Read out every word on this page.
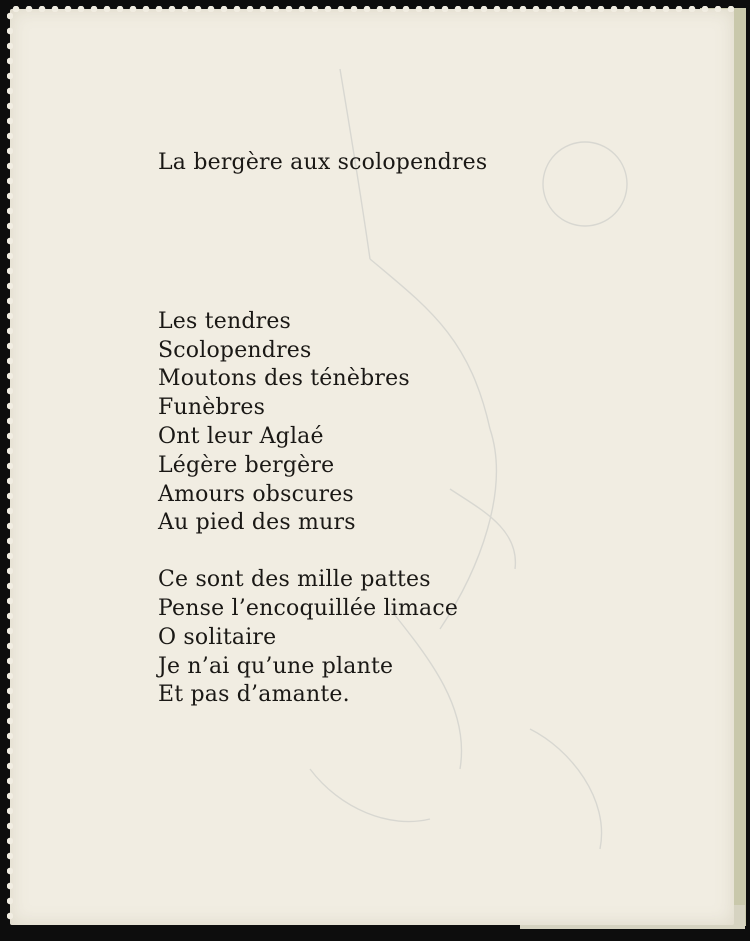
La bergère aux scolopendres
Les tendres
Scolopendres
Moutons des ténèbres
Funèbres
Ont leur Aglaé
Légère bergère
Amours obscures
Au pied des murs
Ce sont des mille pattes
Pense l’encoquillée limace
O solitaire
Je n’ai qu’une plante
Et pas d’amante.
